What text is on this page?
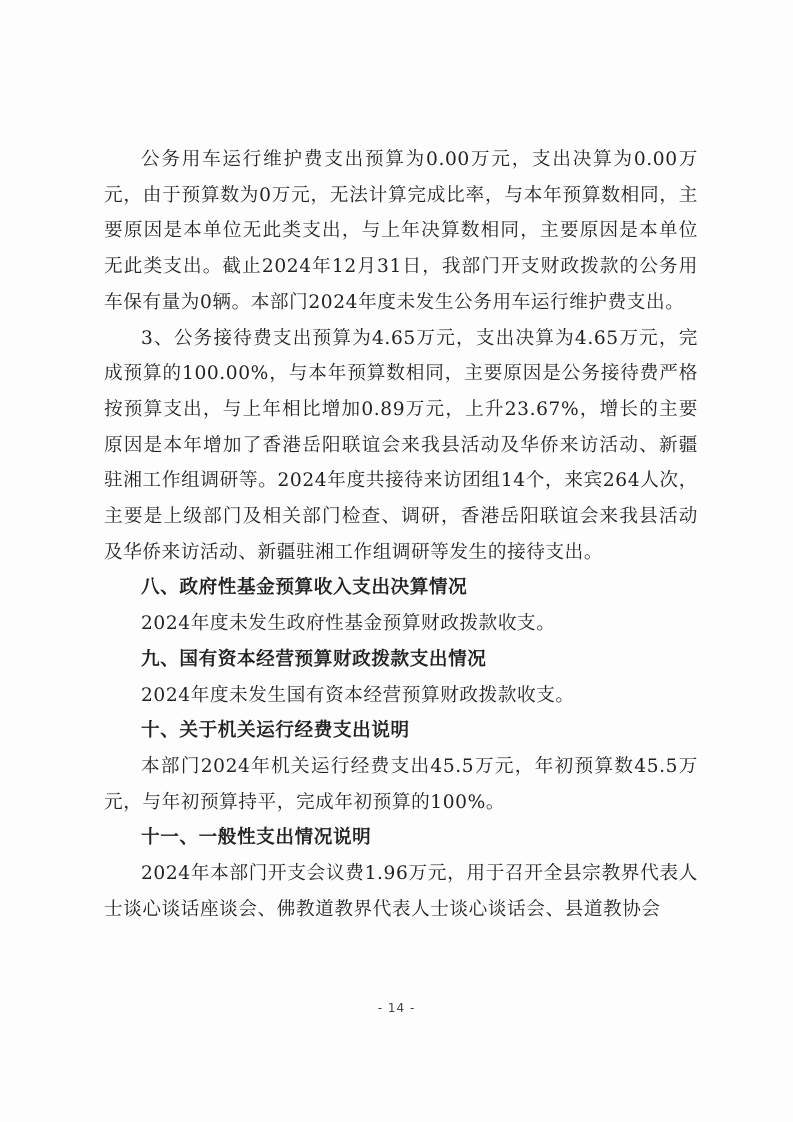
公务用车运行维护费支出预算为0.00万元，支出决算为0.00万元，由于预算数为0万元，无法计算完成比率，与本年预算数相同，主要原因是本单位无此类支出，与上年决算数相同，主要原因是本单位无此类支出。截止2024年12月31日，我部门开支财政拨款的公务用车保有量为0辆。本部门2024年度未发生公务用车运行维护费支出。

3、公务接待费支出预算为4.65万元，支出决算为4.65万元，完成预算的100.00%，与本年预算数相同，主要原因是公务接待费严格按预算支出，与上年相比增加0.89万元，上升23.67%，增长的主要原因是本年增加了香港岳阳联谊会来我县活动及华侨来访活动、新疆驻湘工作组调研等。2024年度共接待来访团组14个，来宾264人次，主要是上级部门及相关部门检查、调研，香港岳阳联谊会来我县活动及华侨来访活动、新疆驻湘工作组调研等发生的接待支出。

八、政府性基金预算收入支出决算情况

2024年度未发生政府性基金预算财政拨款收支。

九、国有资本经营预算财政拨款支出情况

2024年度未发生国有资本经营预算财政拨款收支。

十、关于机关运行经费支出说明

本部门2024年机关运行经费支出45.5万元，年初预算数45.5万元，与年初预算持平，完成年初预算的100%。

十一、一般性支出情况说明

2024年本部门开支会议费1.96万元，用于召开全县宗教界代表人士谈心谈话座谈会、佛教道教界代表人士谈心谈话会、县道教协会

- 14 -
